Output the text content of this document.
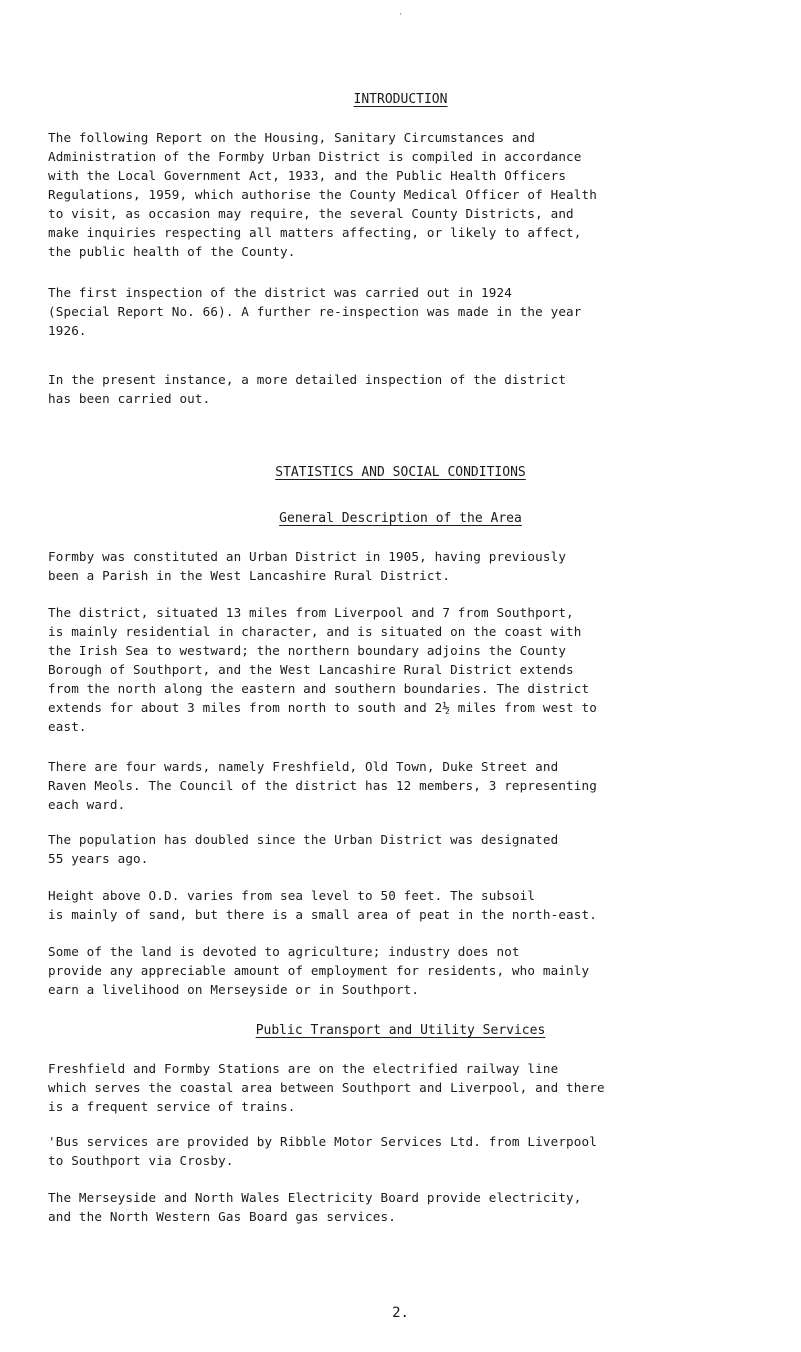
·
INTRODUCTION

The following Report on the Housing, Sanitary Circumstances and
Administration of the Formby Urban District is compiled in accordance
with the Local Government Act, 1933, and the Public Health Officers
Regulations, 1959, which authorise the County Medical Officer of Health
to visit, as occasion may require, the several County Districts, and
make inquiries respecting all matters affecting, or likely to affect,
the public health of the County.

The first inspection of the district was carried out in 1924
(Special Report No. 66). A further re-inspection was made in the year
1926.

In the present instance, a more detailed inspection of the district
has been carried out.

STATISTICS AND SOCIAL CONDITIONS
General Description of the Area

Formby was constituted an Urban District in 1905, having previously
been a Parish in the West Lancashire Rural District.

The district, situated 13 miles from Liverpool and 7 from Southport,
is mainly residential in character, and is situated on the coast with
the Irish Sea to westward; the northern boundary adjoins the County
Borough of Southport, and the West Lancashire Rural District extends
from the north along the eastern and southern boundaries. The district
extends for about 3 miles from north to south and 2½ miles from west to
east.

There are four wards, namely Freshfield, Old Town, Duke Street and
Raven Meols. The Council of the district has 12 members, 3 representing
each ward.

The population has doubled since the Urban District was designated
55 years ago.

Height above O.D. varies from sea level to 50 feet. The subsoil
is mainly of sand, but there is a small area of peat in the north-east.

Some of the land is devoted to agriculture; industry does not
provide any appreciable amount of employment for residents, who mainly
earn a livelihood on Merseyside or in Southport.

Public Transport and Utility Services

Freshfield and Formby Stations are on the electrified railway line
which serves the coastal area between Southport and Liverpool, and there
is a frequent service of trains.

'Bus services are provided by Ribble Motor Services Ltd. from Liverpool
to Southport via Crosby.

The Merseyside and North Wales Electricity Board provide electricity,
and the North Western Gas Board gas services.

2.
